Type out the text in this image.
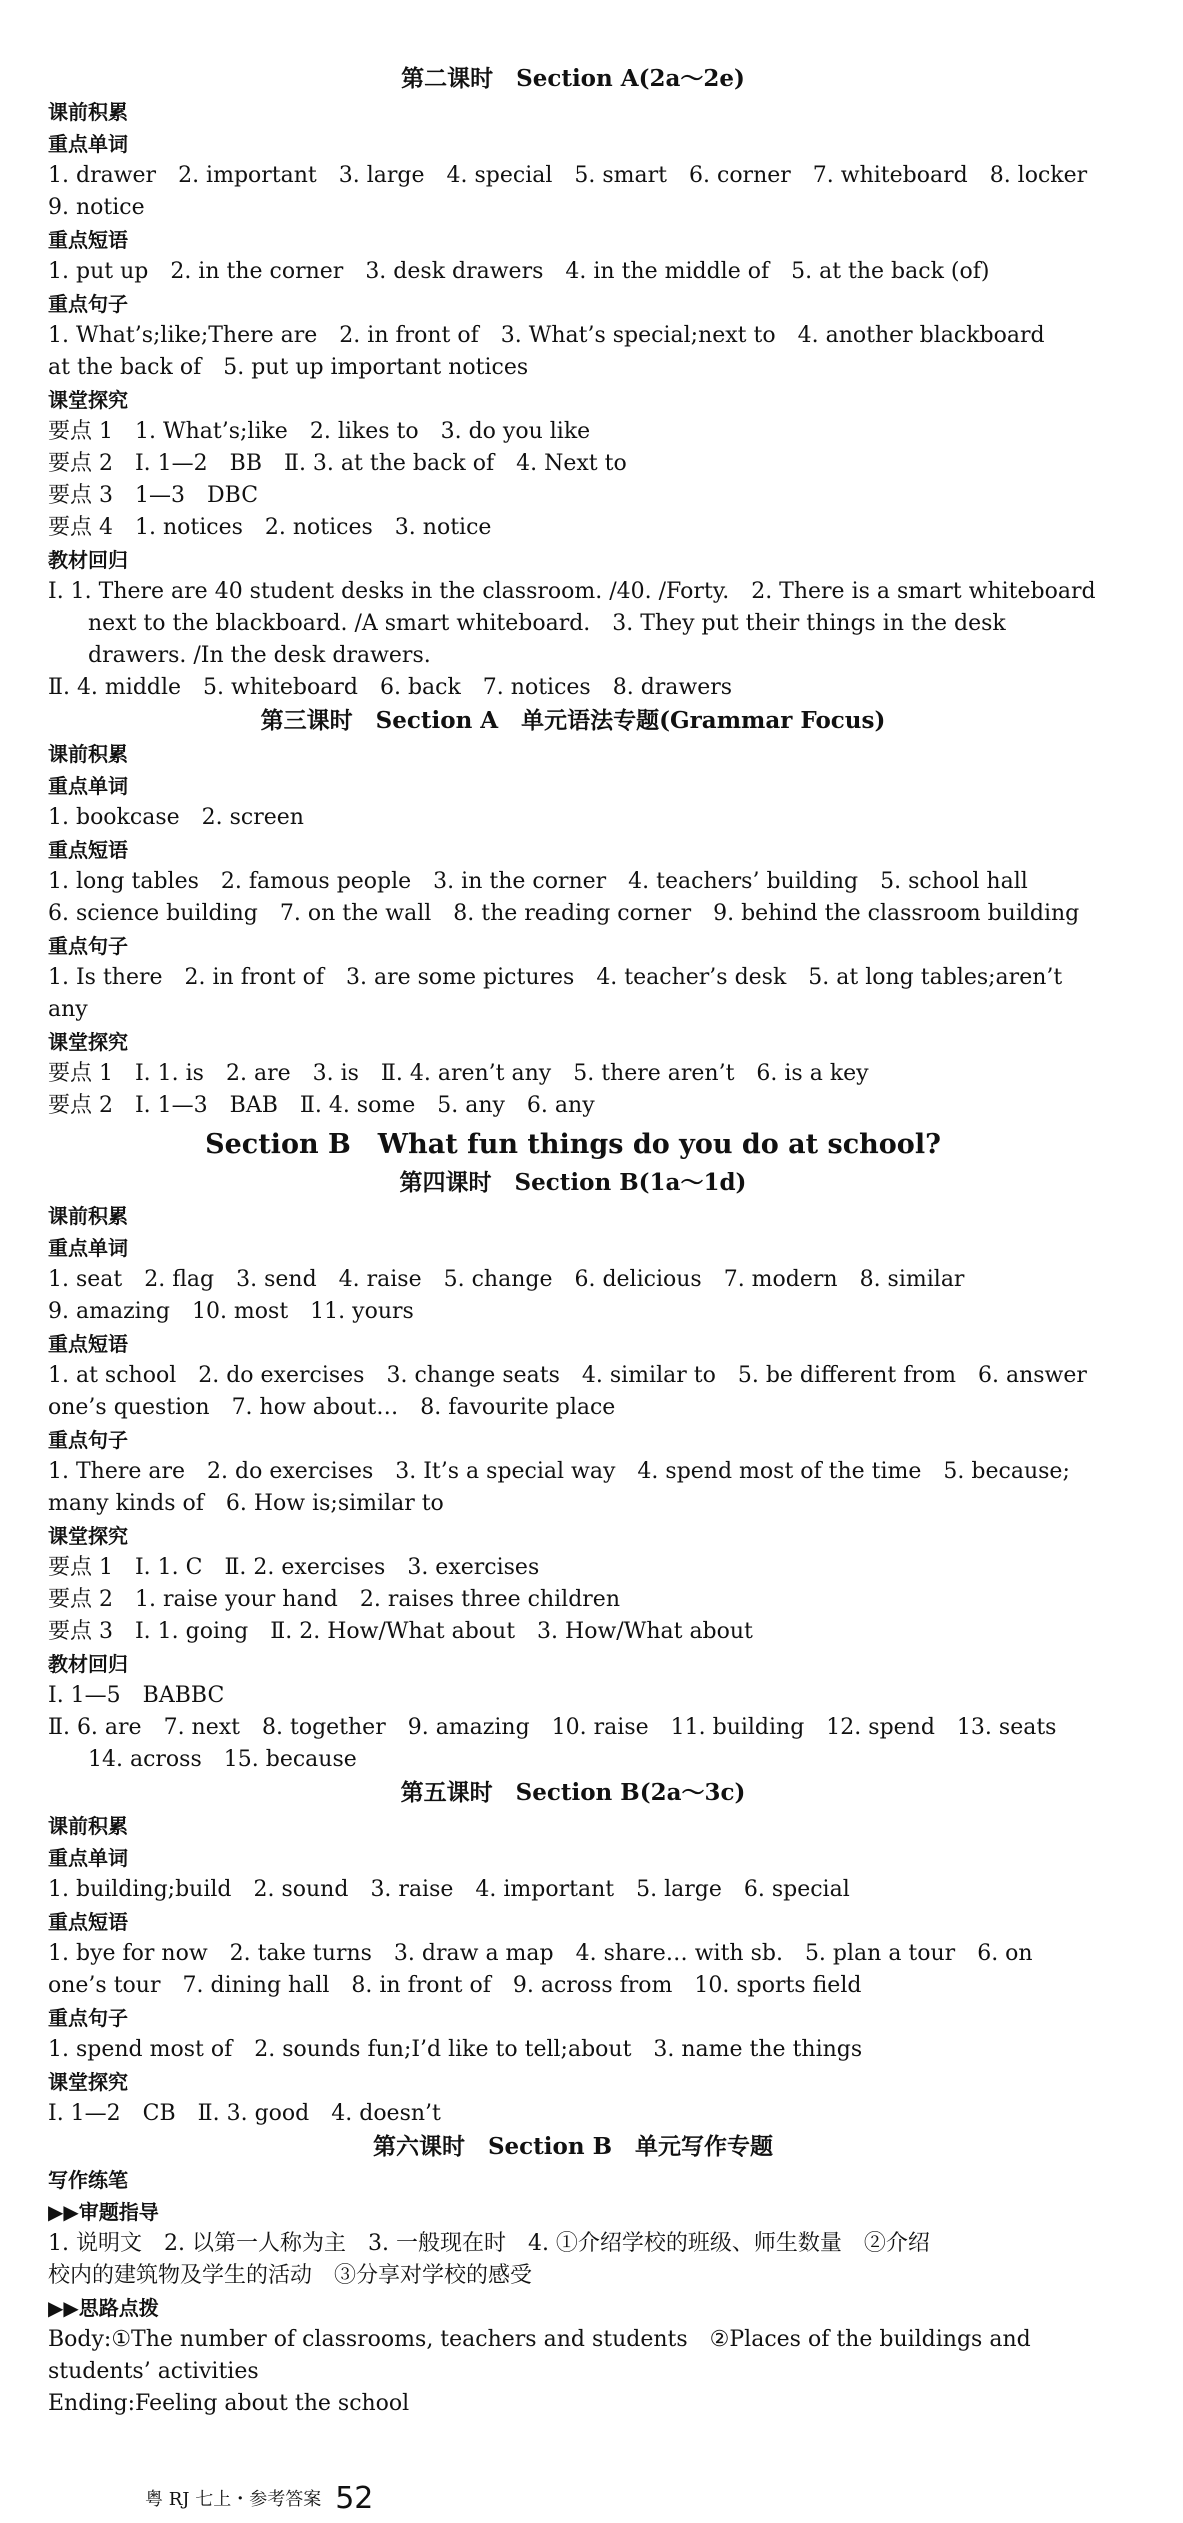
第二课时　Section A(2a～2e)
课前积累
重点单词
1. drawer　2. important　3. large　4. special　5. smart　6. corner　7. whiteboard　8. locker
9. notice
重点短语
1. put up　2. in the corner　3. desk drawers　4. in the middle of　5. at the back (of)
重点句子
1. What’s;like;There are　2. in front of　3. What’s special;next to　4. another blackboard
at the back of　5. put up important notices
课堂探究
要点 1　1. What’s;like　2. likes to　3. do you like
要点 2　Ⅰ. 1—2　BB　Ⅱ. 3. at the back of　4. Next to
要点 3　1—3　DBC
要点 4　1. notices　2. notices　3. notice
教材回归
Ⅰ. 1. There are 40 student desks in the classroom. /40. /Forty.　2. There is a smart whiteboard next to the blackboard. /A smart whiteboard.　3. They put their things in the desk drawers. /In the desk drawers.
Ⅱ. 4. middle　5. whiteboard　6. back　7. notices　8. drawers
第三课时　Section A　单元语法专题(Grammar Focus)
课前积累
重点单词
1. bookcase　2. screen
重点短语
1. long tables　2. famous people　3. in the corner　4. teachers’ building　5. school hall
6. science building　7. on the wall　8. the reading corner　9. behind the classroom building
重点句子
1. Is there　2. in front of　3. are some pictures　4. teacher’s desk　5. at long tables;aren’t
any
课堂探究
要点 1　Ⅰ. 1. is　2. are　3. is　Ⅱ. 4. aren’t any　5. there aren’t　6. is a key
要点 2　Ⅰ. 1—3　BAB　Ⅱ. 4. some　5. any　6. any
Section B　What fun things do you do at school?
第四课时　Section B(1a～1d)
课前积累
重点单词
1. seat　2. flag　3. send　4. raise　5. change　6. delicious　7. modern　8. similar
9. amazing　10. most　11. yours
重点短语
1. at school　2. do exercises　3. change seats　4. similar to　5. be different from　6. answer
one’s question　7. how about…　8. favourite place
重点句子
1. There are　2. do exercises　3. It’s a special way　4. spend most of the time　5. because;
many kinds of　6. How is;similar to
课堂探究
要点 1　Ⅰ. 1. C　Ⅱ. 2. exercises　3. exercises
要点 2　1. raise your hand　2. raises three children
要点 3　Ⅰ. 1. going　Ⅱ. 2. How/What about　3. How/What about
教材回归
Ⅰ. 1—5　BABBC
Ⅱ. 6. are　7. next　8. together　9. amazing　10. raise　11. building　12. spend　13. seats　14. across　15. because
第五课时　Section B(2a～3c)
课前积累
重点单词
1. building;build　2. sound　3. raise　4. important　5. large　6. special
重点短语
1. bye for now　2. take turns　3. draw a map　4. share… with sb.　5. plan a tour　6. on
one’s tour　7. dining hall　8. in front of　9. across from　10. sports field
重点句子
1. spend most of　2. sounds fun;I’d like to tell;about　3. name the things
课堂探究
Ⅰ. 1—2　CB　Ⅱ. 3. good　4. doesn’t
第六课时　Section B　单元写作专题
写作练笔
▶▶审题指导
1. 说明文　2. 以第一人称为主　3. 一般现在时　4. ①介绍学校的班级、师生数量　②介绍
校内的建筑物及学生的活动　③分享对学校的感受
▶▶思路点拨
Body:①The number of classrooms, teachers and students　②Places of the buildings and
students’ activities
Ending:Feeling about the school
粤 RJ 七上・参考答案 52
